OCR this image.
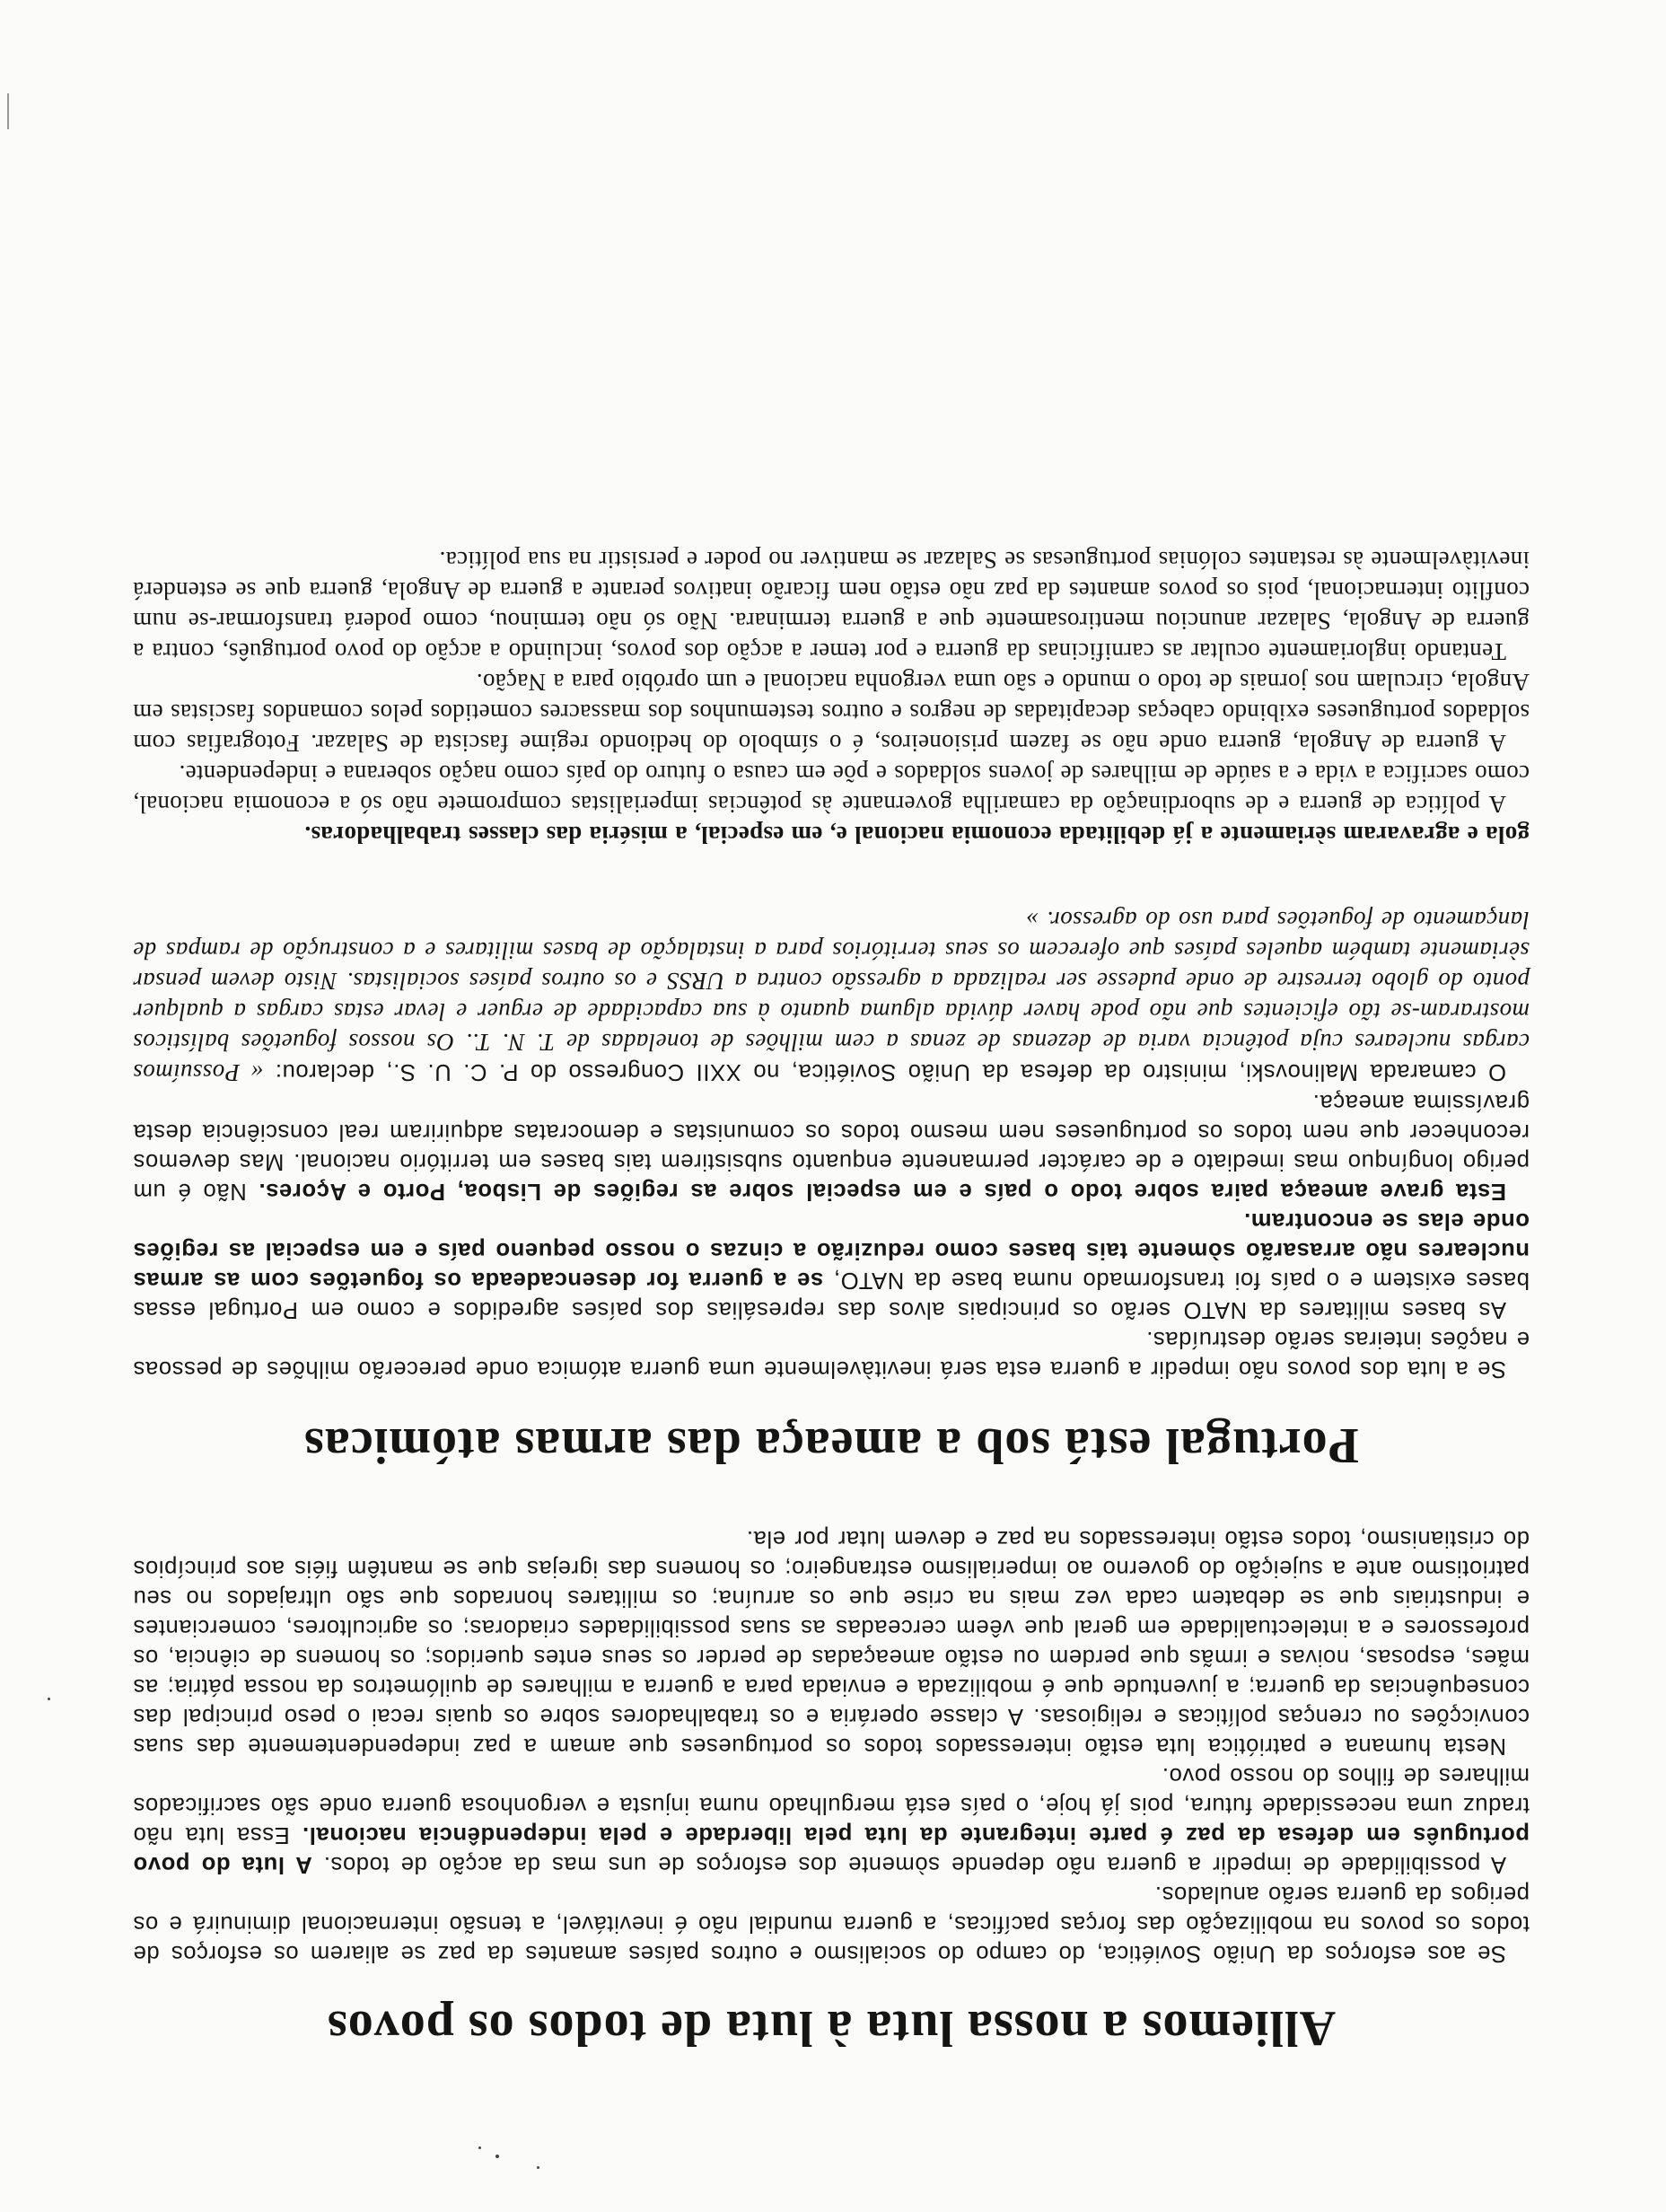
Alliemos a nossa luta à luta de todos os povos

Se aos esforços da União Soviética, do campo do socialismo e outros países amantes da paz se aliarem os esforços de todos os povos na mobilização das forças pacíficas, a guerra mundial não é inevitável, a tensão internacional diminuirá e os perigos da guerra serão anulados.

A possibilidade de impedir a guerra não depende sòmente dos esforços de uns mas da acção de todos. A luta do povo português em defesa da paz é parte integrante da luta pela liberdade e pela independência nacional. Essa luta não traduz uma necessidade futura, pois já hoje, o país está mergulhado numa injusta e vergonhosa guerra onde são sacrificados milhares de filhos do nosso povo.

Nesta humana e patriótica luta estão interessados todos os portugueses que amam a paz independentemente das suas convicções ou crenças políticas e religiosas. A classe operária e os trabalhadores sobre os quais recai o peso principal das consequências da guerra; a juventude que é mobilizada e enviada para a guerra a milhares de quilómetros da nossa pátria; as mães, esposas, noivas e irmãs que perdem ou estão ameaçadas de perder os seus entes queridos; os homens de ciência, os professores e a intelectualidade em geral que vêem cerceadas as suas possibilidades criadoras; os agricultores, comerciantes e industriais que se debatem cada vez mais na crise que os arruína; os militares honrados que são ultrajados no seu patriotismo ante a sujeição do governo ao imperialismo estrangeiro; os homens das igrejas que se mantêm fiéis aos princípios do cristianismo, todos estão interessados na paz e devem lutar por ela.

Portugal está sob a ameaça das armas atómicas

Se a luta dos povos não impedir a guerra esta será inevitàvelmente uma guerra atómica onde perecerão milhões de pessoas e nações inteiras serão destruídas.

As bases militares da NATO serão os principais alvos das represálias dos países agredidos e como em Portugal essas bases existem e o país foi transformado numa base da NATO, se a guerra for desencadeada os foguetões com as armas nucleares não arrasarão sòmente tais bases como reduzirão a cinzas o nosso pequeno país e em especial as regiões onde elas se encontram.

Esta grave ameaça paira sobre todo o país e em especial sobre as regiões de Lisboa, Porto e Açores. Não é um perigo longínquo mas imediato e de carácter permanente enquanto subsistirem tais bases em território nacional. Mas devemos reconhecer que nem todos os portugueses nem mesmo todos os comunistas e democratas adquiriram real consciência desta gravíssima ameaça.

O camarada Malinovski, ministro da defesa da União Soviética, no XXII Congresso do P. C. U. S., declarou: « Possuímos cargas nucleares cuja potência varia de dezenas de zenas a cem milhões de toneladas de T. N. T.. Os nossos foguetões balísticos mostraram-se tão eficientes que não pode haver dúvida alguma quanto à sua capacidade de erguer e levar estas cargas a qualquer ponto do globo terrestre de onde pudesse ser realizada a agressão contra a URSS e os outros países socialistas. Nisto devem pensar sèriamente também aqueles países que oferecem os seus territórios para a instalação de bases militares e a construção de rampas de lançamento de foguetões para uso do agressor. »

gola e agravaram sèriamente a já debilitada economia nacional e, em especial, a miséria das classes trabalhadoras.

A política de guerra e de subordinação da camarilha governante às potências imperialistas compromete não só a economia nacional, como sacrifica a vida e a saúde de milhares de jovens soldados e põe em causa o futuro do país como nação soberana e independente.

A guerra de Angola, guerra onde não se fazem prisioneiros, é o símbolo do hediondo regime fascista de Salazar. Fotografias com soldados portugueses exibindo cabeças decapitadas de negros e outros testemunhos dos massacres cometidos pelos comandos fascistas em Angola, circulam nos jornais de todo o mundo e são uma vergonha nacional e um opróbio para a Nação.

Tentando ingloriamente ocultar as carnificinas da guerra e por temer a acção dos povos, incluindo a acção do povo português, contra a guerra de Angola, Salazar anunciou mentirosamente que a guerra terminara. Não só não terminou, como poderá transformar-se num conflito internacional, pois os povos amantes da paz não estão nem ficarão inativos perante a guerra de Angola, guerra que se estenderá inevitàvelmente às restantes colónias portuguesas se Salazar se mantiver no poder e persistir na sua política.
